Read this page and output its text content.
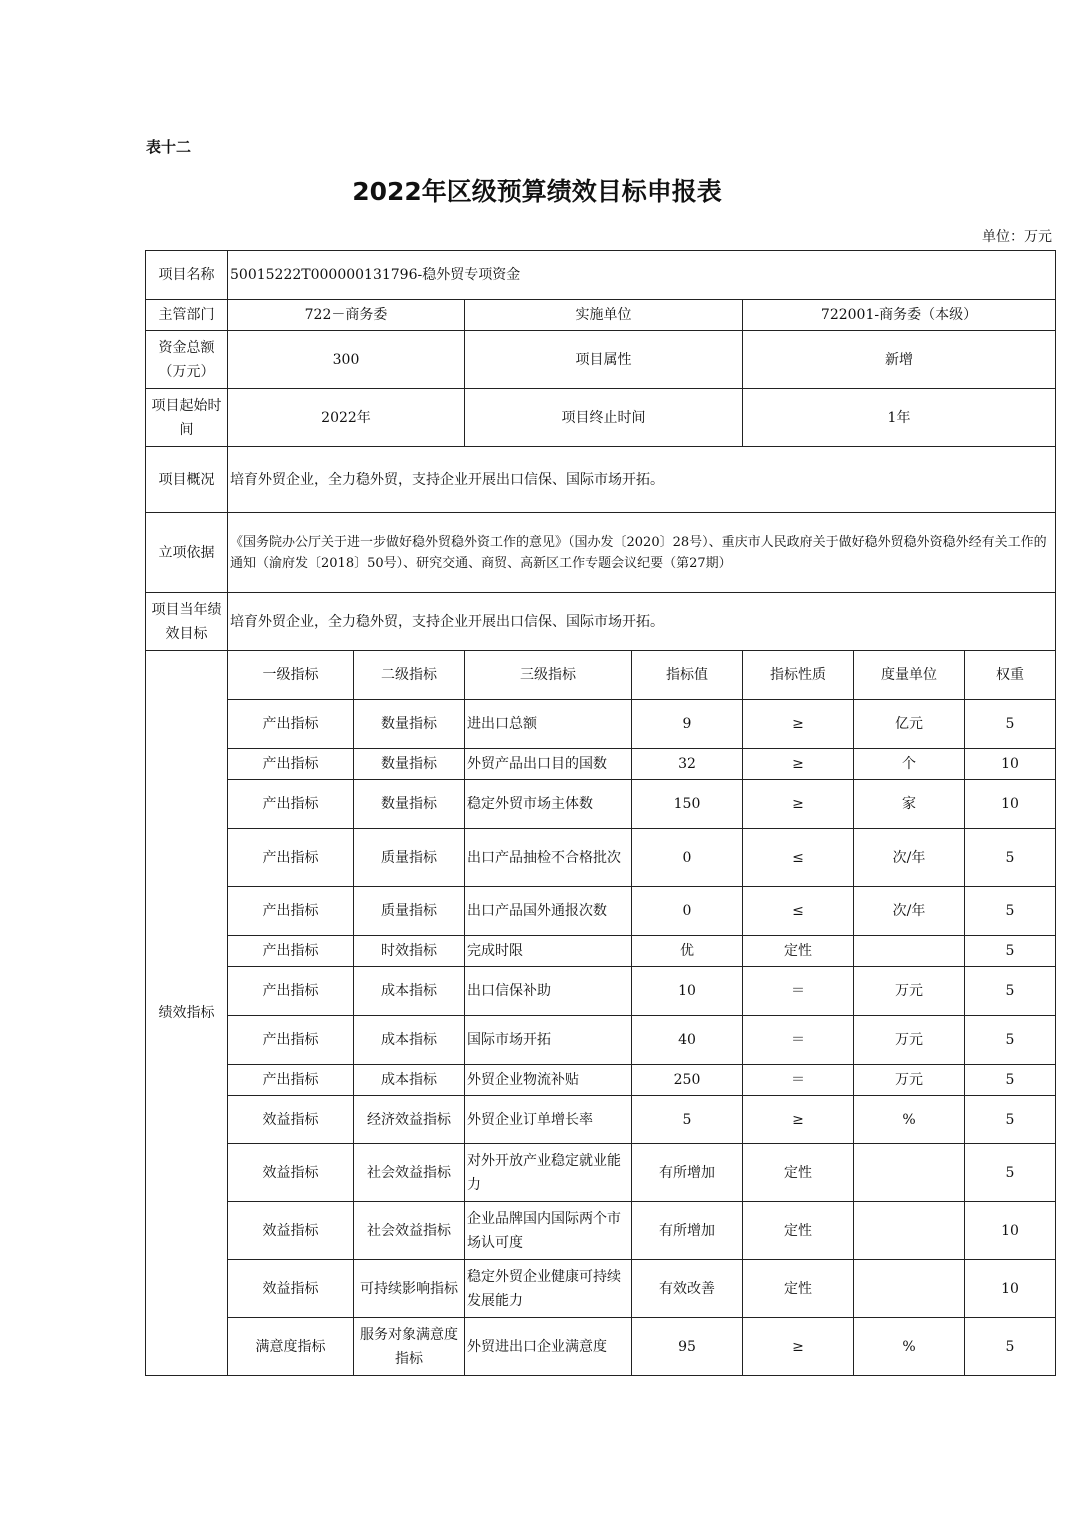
表十二
2022年区级预算绩效目标申报表
单位：万元
项目名称	50015222T000000131796-稳外贸专项资金						
主管部门	722－商务委		实施单位		722001-商务委（本级）		
资金总额（万元）	300		项目属性		新增		
项目起始时间	2022年		项目终止时间		1年		
项目概况	培育外贸企业，全力稳外贸，支持企业开展出口信保、国际市场开拓。						
立项依据	《国务院办公厅关于进一步做好稳外贸稳外资工作的意见》（国办发〔2020〕28号）、重庆市人民政府关于做好稳外贸稳外资稳外经有关工作的通知（渝府发〔2018〕50号）、研究交通、商贸、高新区工作专题会议纪要（第27期）						
项目当年绩效目标	培育外贸企业，全力稳外贸，支持企业开展出口信保、国际市场开拓。						
绩效指标	一级指标	二级指标	三级指标	指标值	指标性质	度量单位	权重
	产出指标	数量指标	进出口总额	9	≥	亿元	5
	产出指标	数量指标	外贸产品出口目的国数	32	≥	个	10
	产出指标	数量指标	稳定外贸市场主体数	150	≥	家	10
	产出指标	质量指标	出口产品抽检不合格批次	0	≤	次/年	5
	产出指标	质量指标	出口产品国外通报次数	0	≤	次/年	5
	产出指标	时效指标	完成时限	优	定性		5
	产出指标	成本指标	出口信保补助	10	＝	万元	5
	产出指标	成本指标	国际市场开拓	40	＝	万元	5
	产出指标	成本指标	外贸企业物流补贴	250	＝	万元	5
	效益指标	经济效益指标	外贸企业订单增长率	5	≥	%	5
	效益指标	社会效益指标	对外开放产业稳定就业能力	有所增加	定性		5
	效益指标	社会效益指标	企业品牌国内国际两个市场认可度	有所增加	定性		10
	效益指标	可持续影响指标	稳定外贸企业健康可持续发展能力	有效改善	定性		10
	满意度指标	服务对象满意度指标	外贸进出口企业满意度	95	≥	%	5
